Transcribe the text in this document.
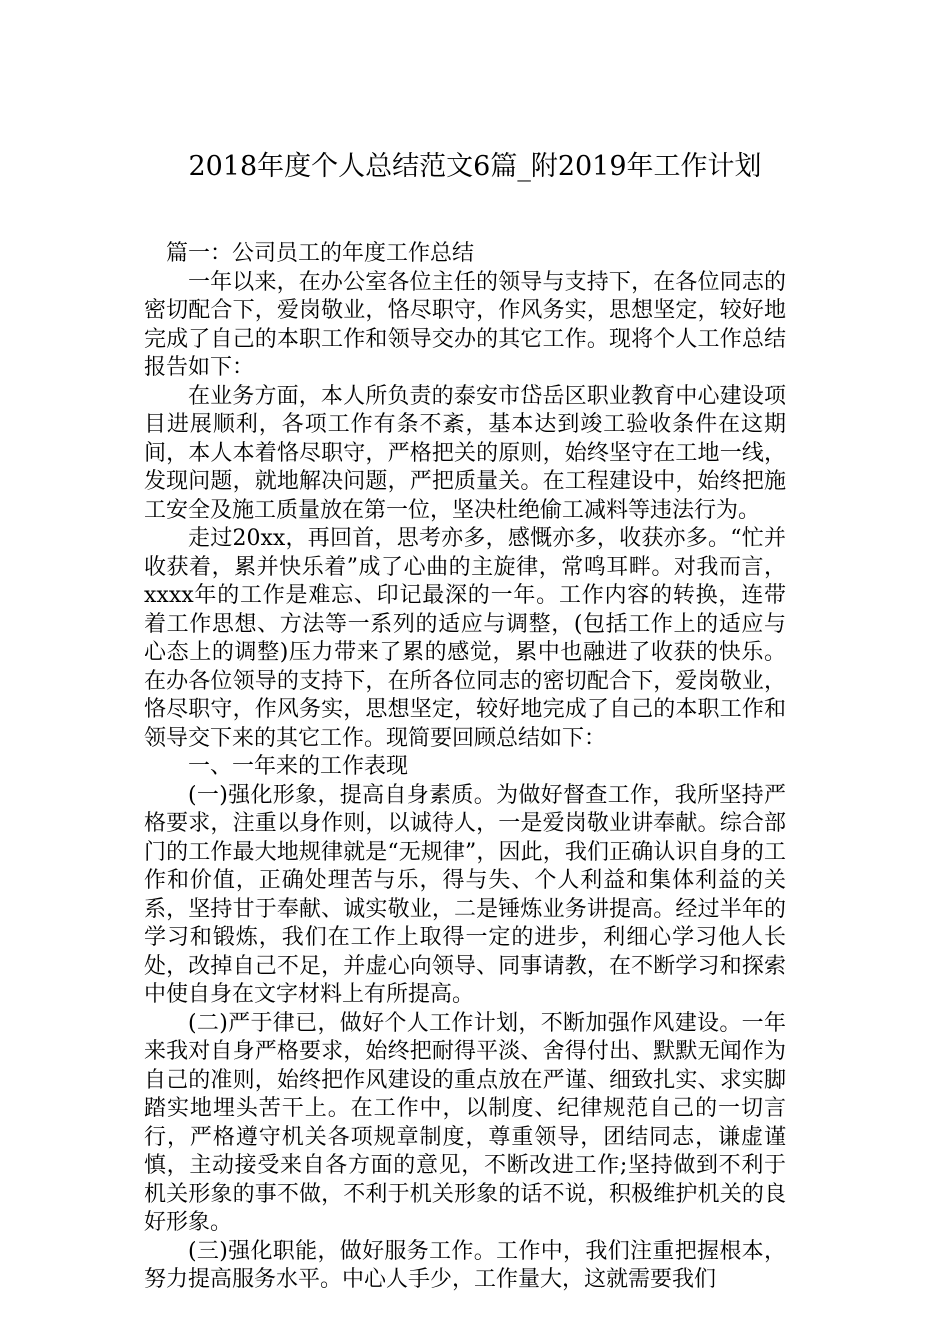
2018年度个人总结范文6篇_附2019年工作计划

篇一：公司员工的年度工作总结

一年以来，在办公室各位主任的领导与支持下，在各位同志的密切配合下，爱岗敬业，恪尽职守，作风务实，思想坚定，较好地完成了自己的本职工作和领导交办的其它工作。现将个人工作总结报告如下：

在业务方面，本人所负责的泰安市岱岳区职业教育中心建设项目进展顺利，各项工作有条不紊，基本达到竣工验收条件在这期间，本人本着恪尽职守，严格把关的原则，始终坚守在工地一线，发现问题，就地解决问题，严把质量关。在工程建设中，始终把施工安全及施工质量放在第一位，坚决杜绝偷工减料等违法行为。

走过20xx，再回首，思考亦多，感慨亦多，收获亦多。“忙并收获着，累并快乐着”成了心曲的主旋律，常鸣耳畔。对我而言，xxxx年的工作是难忘、印记最深的一年。工作内容的转换，连带着工作思想、方法等一系列的适应与调整，(包括工作上的适应与心态上的调整)压力带来了累的感觉，累中也融进了收获的快乐。在办各位领导的支持下，在所各位同志的密切配合下，爱岗敬业，恪尽职守，作风务实，思想坚定，较好地完成了自己的本职工作和领导交下来的其它工作。现简要回顾总结如下：

一、一年来的工作表现

(一)强化形象，提高自身素质。为做好督查工作，我所坚持严格要求，注重以身作则，以诚待人，一是爱岗敬业讲奉献。综合部门的工作最大地规律就是“无规律”，因此，我们正确认识自身的工作和价值，正确处理苦与乐，得与失、个人利益和集体利益的关系，坚持甘于奉献、诚实敬业，二是锤炼业务讲提高。经过半年的学习和锻炼，我们在工作上取得一定的进步，利细心学习他人长处，改掉自己不足，并虚心向领导、同事请教，在不断学习和探索中使自身在文字材料上有所提高。

(二)严于律已，做好个人工作计划，不断加强作风建设。一年来我对自身严格要求，始终把耐得平淡、舍得付出、默默无闻作为自己的准则，始终把作风建设的重点放在严谨、细致扎实、求实脚踏实地埋头苦干上。在工作中，以制度、纪律规范自己的一切言行，严格遵守机关各项规章制度，尊重领导，团结同志，谦虚谨慎，主动接受来自各方面的意见，不断改进工作;坚持做到不利于机关形象的事不做，不利于机关形象的话不说，积极维护机关的良好形象。

(三)强化职能，做好服务工作。工作中，我们注重把握根本，努力提高服务水平。中心人手少，工作量大，这就需要我们
